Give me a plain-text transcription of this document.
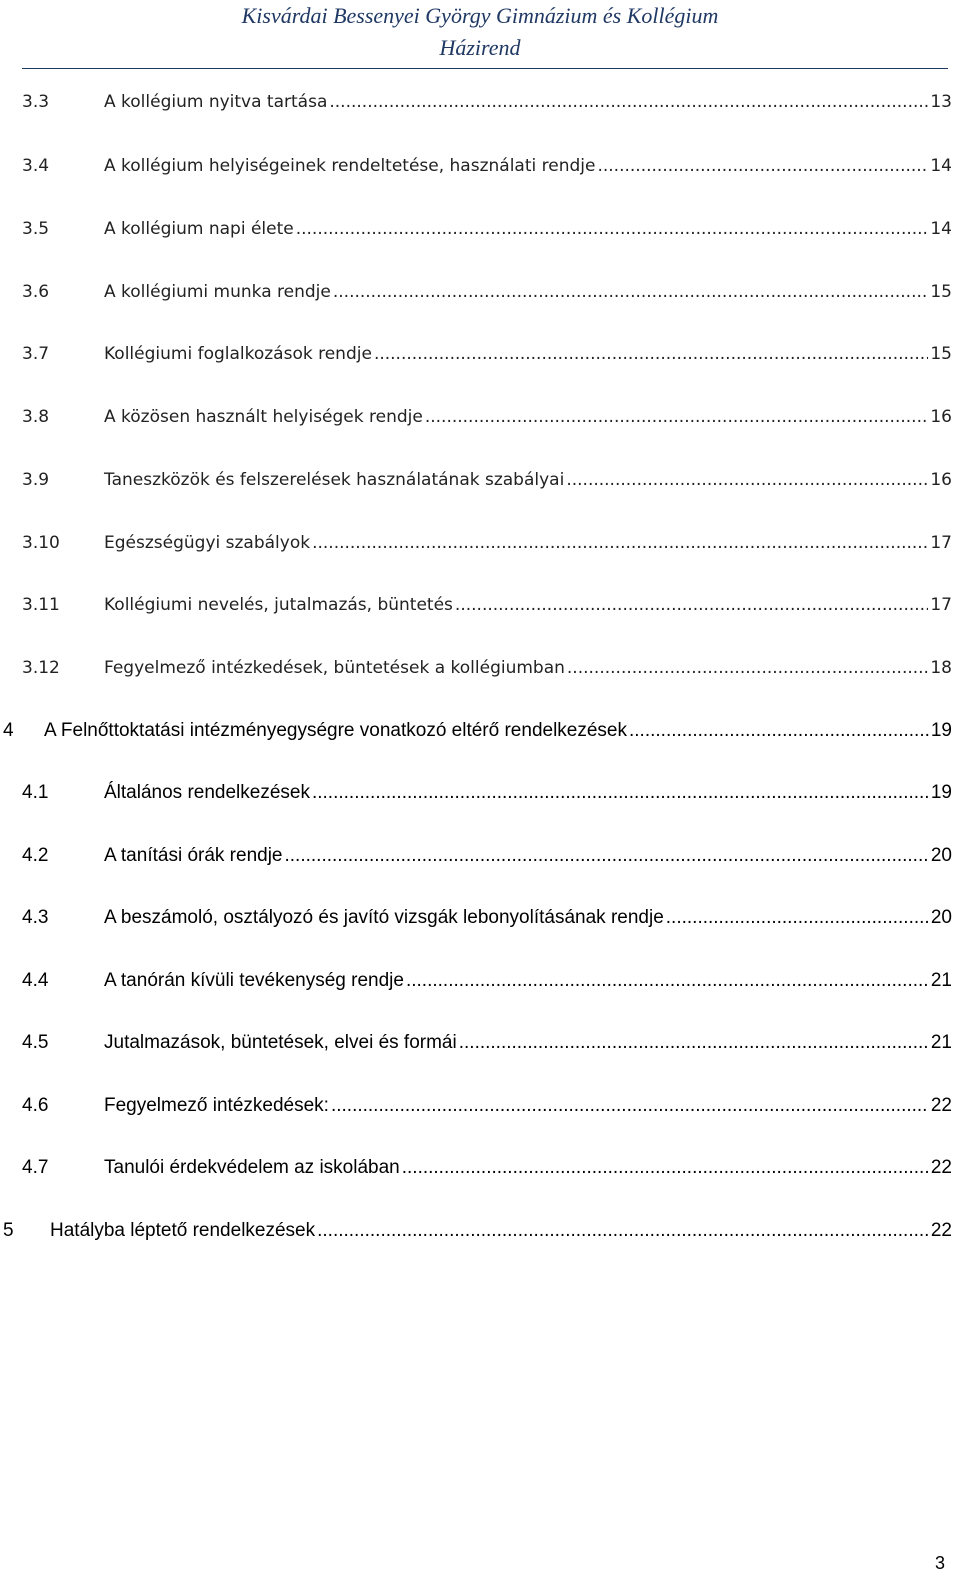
Kisvárdai Bessenyei György Gimnázium és Kollégium
Házirend
3.3	A kollégium nyitva tartása .....	13
3.4	A kollégium helyiségeinek rendeltetése, használati rendje .....	14
3.5	A kollégium napi élete .....	14
3.6	A kollégiumi munka rendje .....	15
3.7	Kollégiumi foglalkozások rendje .....	15
3.8	A közösen használt helyiségek rendje .....	16
3.9	Taneszközök és felszerelések használatának szabályai .....	16
3.10	Egészségügyi szabályok .....	17
3.11	Kollégiumi nevelés, jutalmazás, büntetés .....	17
3.12	Fegyelmező intézkedések, büntetések a kollégiumban .....	18
4 A Felnőttoktatási intézményegységre vonatkozó eltérő rendelkezések .....	19
4.1	Általános rendelkezések .....	19
4.2	A tanítási órák rendje .....	20
4.3	A beszámoló, osztályozó és javító vizsgák lebonyolításának rendje .....	20
4.4	A tanórán kívüli tevékenység rendje .....	21
4.5	Jutalmazások, büntetések, elvei és formái .....	21
4.6	Fegyelmező intézkedések: .....	22
4.7	Tanulói érdekvédelem az iskolában .....	22
5 Hatályba léptető rendelkezések .....	22
3
